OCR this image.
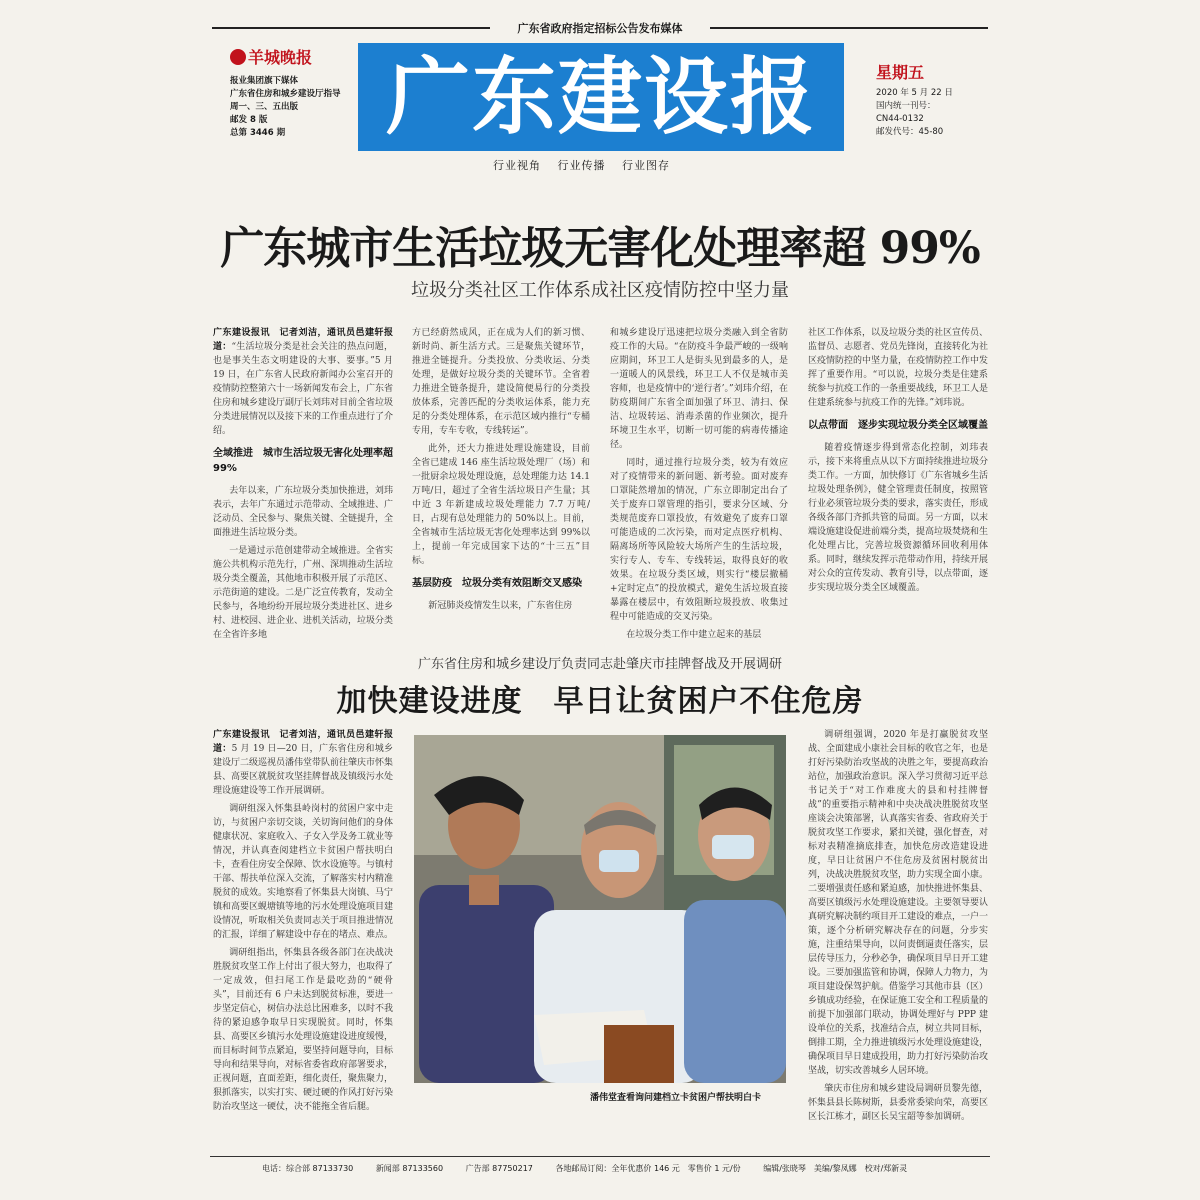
广东省政府指定招标公告发布媒体
羊城晚报
报业集团旗下媒体
广东省住房和城乡建设厅指导
周一、三、五出版
邮发 8 版
总第 3446 期	广东建设报
行业视角 行业传播 行业图存
星期五
2020 年 5 月 22 日
国内统一刊号：
CN44-0132
邮发代号：45-80
广东城市生活垃圾无害化处理率超 99%
垃圾分类社区工作体系成社区疫情防控中坚力量

广东建设报讯　记者刘洁，通讯员邑建轩报道：“生活垃圾分类是社会关注的热点问题，也是事关生态文明建设的大事、要事。”5 月 19 日，在广东省人民政府新闻办公室召开的疫情防控整第六十一场新闻发布会上，广东省住房和城乡建设厅副厅长刘玮对目前全省垃圾分类进展情况以及接下来的工作重点进行了介绍。

全域推进　城市生活垃圾无害化处理率超 99%

去年以来，广东垃圾分类加快推进，刘玮表示，去年广东通过示范带动、全域推进、广泛动员、全民参与、聚焦关键、全链提升，全面推进生活垃圾分类。

一是通过示范创建带动全域推进。全省实施公共机构示范先行，广州、深圳推动生活垃圾分类全覆盖，其他地市积极开展了示范区、示范街道的建设。二是广泛宣传教育，发动全民参与，各地纷纷开展垃圾分类进社区、进乡村、进校园、进企业、进机关活动，垃圾分类在全省许多地

方已经蔚然成风，正在成为人们的新习惯、新时尚、新生活方式。三是聚焦关键环节，推进全链提升。分类投放、分类收运、分类处理，是做好垃圾分类的关键环节。全省着力推进全链条提升，建设简便易行的分类投放体系，完善匹配的分类收运体系，能力充足的分类处理体系，在示范区域内推行“专桶专用，专车专收，专线转运”。

此外，还大力推进处理设施建设，目前全省已建成 146 座生活垃圾处理厂（场）和一批厨余垃圾处理设施，总处理能力达 14.1 万吨/日，超过了全省生活垃圾日产生量；其中近 3 年新建成垃圾处理能力 7.7 万吨/日，占现有总处理能力的 50%以上。目前，全省城市生活垃圾无害化处理率达到 99%以上，提前一年完成国家下达的“十三五”目标。

基层防疫　垃圾分类有效阻断交叉感染

新冠肺炎疫情发生以来，广东省住房

和城乡建设厅迅速把垃圾分类融入到全省防疫工作的大局。“在防疫斗争最严峻的一级响应期间，环卫工人是街头见到最多的人，是一道暖人的风景线，环卫工人不仅是城市美容师，也是疫情中的‘逆行者’。”刘玮介绍，在防疫期间广东省全面加强了环卫、清扫、保洁、垃圾转运、消毒杀菌的作业频次，提升环境卫生水平，切断一切可能的病毒传播途径。

同时，通过推行垃圾分类，较为有效应对了疫情带来的新问题、新考验。面对废弃口罩陡然增加的情况，广东立即制定出台了关于废弃口罩管理的指引，要求分区域、分类规范废弃口罩投放，有效避免了废弃口罩可能造成的二次污染，而对定点医疗机构、隔离场所等风险较大场所产生的生活垃圾，实行专人、专车、专线转运，取得良好的收效果。在垃圾分类区域，则实行“楼层撤桶+定时定点”的投放模式，避免生活垃圾直接暴露在楼层中，有效阻断垃圾投放、收集过程中可能造成的交叉污染。

在垃圾分类工作中建立起来的基层

社区工作体系，以及垃圾分类的社区宣传员、监督员、志愿者、党员先锋岗，直接转化为社区疫情防控的中坚力量，在疫情防控工作中发挥了重要作用。“可以说，垃圾分类是住建系统参与抗疫工作的一条重要战线，环卫工人是住建系统参与抗疫工作的先锋。”刘玮说。

以点带面　逐步实现垃圾分类全区域覆盖

随着疫情逐步得到常态化控制，刘玮表示，接下来将重点从以下方面持续推进垃圾分类工作。一方面，加快修订《广东省城乡生活垃圾处理条例》，健全管理责任制度，按照管行业必须管垃圾分类的要求，落实责任，形成各级各部门齐抓共管的局面。另一方面，以末端设施建设促进前端分类，提高垃圾焚烧和生化处理占比，完善垃圾资源循环回收利用体系。同时，继续发挥示范带动作用，持续开展对公众的宣传发动、教育引导，以点带面，逐步实现垃圾分类全区域覆盖。

广东省住房和城乡建设厅负责同志赴肇庆市挂牌督战及开展调研
加快建设进度　早日让贫困户不住危房

广东建设报讯　记者刘洁，通讯员邑建轩报道：5 月 19 日—20 日，广东省住房和城乡建设厅二级巡视员潘伟堂带队前往肇庆市怀集县、高要区就脱贫攻坚挂牌督战及镇级污水处理设施建设等工作开展调研。

调研组深入怀集县岭岗村的贫困户家中走访，与贫困户亲切交谈，关切询问他们的身体健康状况、家庭收入、子女入学及务工就业等情况，并认真查阅建档立卡贫困户帮扶明白卡，查看住房安全保障、饮水设施等。与镇村干部、帮扶单位深入交流，了解落实村内精准脱贫的成效。实地察看了怀集县大岗镇、马宁镇和高要区蚬塘镇等地的污水处理设施项目建设情况，听取相关负责同志关于项目推进情况的汇报，详细了解建设中存在的堵点、难点。

调研组指出，怀集县各级各部门在决战决胜脱贫攻坚工作上付出了很大努力，也取得了一定成效，但扫尾工作是最吃劲的“硬骨头”，目前还有 6 户未达到脱贫标准，要进一步坚定信心，树信办法总比困难多，以时不我待的紧迫感争取早日实现脱贫。同时，怀集县、高要区乡镇污水处理设施建设进度缓慢，而目标时间节点紧迫，要坚持问题导向，目标导向和结果导向，对标省委省政府部署要求，正视问题，直面差距，细化责任，聚焦聚力，狠抓落实，以实打实、硬过硬的作风打好污染防治攻坚这一硬仗，决不能拖全省后腿。

潘伟堂查看询问建档立卡贫困户帮扶明白卡

调研组强调，2020 年是打赢脱贫攻坚战、全面建成小康社会目标的收官之年，也是打好污染防治攻坚战的决胜之年，要提高政治站位，加强政治意识。深入学习贯彻习近平总书记关于“对工作难度大的县和村挂牌督战”的重要指示精神和中央决战决胜脱贫攻坚座谈会决策部署，认真落实省委、省政府关于脱贫攻坚工作要求，紧扣关键，强化督查，对标对表精准摘底排查，加快危房改造建设进度，早日让贫困户不住危房及贫困村脱贫出列，决战决胜脱贫攻坚，助力实现全面小康。二要增强责任感和紧迫感，加快推进怀集县、高要区镇级污水处理设施建设。主要领导要认真研究解决制约项目开工建设的难点，一户一策，逐个分析研究解决存在的问题，分步实施，注重结果导向，以问责倒逼责任落实，层层传导压力，分秒必争，确保项目早日开工建设。三要加强监管和协调，保障人力物力，为项目建设保驾护航。借鉴学习其他市县（区）乡镇成功经验，在保证施工安全和工程质量的前提下加强部门联动，协调处理好与 PPP 建设单位的关系，找准结合点，树立共同目标，倒排工期，全力推进镇级污水处理设施建设，确保项目早日建成投用，助力打好污染防治攻坚战，切实改善城乡人居环境。

肇庆市住房和城乡建设局调研员黎先德，怀集县县长陈树斯，县委常委梁向荣，高要区区长江栋才，副区长吴宝韶等参加调研。

电话：综合部 87133730	新闻部 87133560	广告部 87750217	各地邮局订阅：全年优惠价 146 元　零售价 1 元/份	编辑/张晓琴　美编/黎凤娜　校对/郑新灵
